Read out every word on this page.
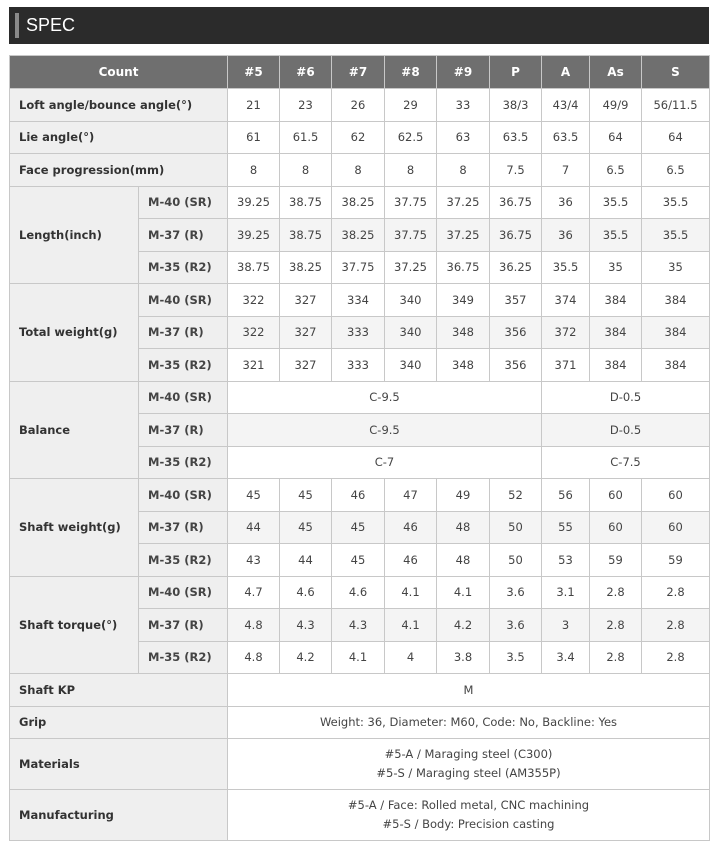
SPEC
Count		#5	#6	#7	#8	#9	P	A	As	S
Loft angle/bounce angle(°)		21	23	26	29	33	38/3	43/4	49/9	56/11.5
Lie angle(°)		61	61.5	62	62.5	63	63.5	63.5	64	64
Face progression(mm)		8	8	8	8	8	7.5	7	6.5	6.5
Length(inch)	M-40 (SR)	39.25	38.75	38.25	37.75	37.25	36.75	36	35.5	35.5
	M-37 (R)	39.25	38.75	38.25	37.75	37.25	36.75	36	35.5	35.5
	M-35 (R2)	38.75	38.25	37.75	37.25	36.75	36.25	35.5	35	35
Total weight(g)	M-40 (SR)	322	327	334	340	349	357	374	384	384
	M-37 (R)	322	327	333	340	348	356	372	384	384
	M-35 (R2)	321	327	333	340	348	356	371	384	384
Balance	M-40 (SR)	C-9.5						D-0.5		
	M-37 (R)	C-9.5						D-0.5		
	M-35 (R2)	C-7						C-7.5		
Shaft weight(g)	M-40 (SR)	45	45	46	47	49	52	56	60	60
	M-37 (R)	44	45	45	46	48	50	55	60	60
	M-35 (R2)	43	44	45	46	48	50	53	59	59
Shaft torque(°)	M-40 (SR)	4.7	4.6	4.6	4.1	4.1	3.6	3.1	2.8	2.8
	M-37 (R)	4.8	4.3	4.3	4.1	4.2	3.6	3	2.8	2.8
	M-35 (R2)	4.8	4.2	4.1	4	3.8	3.5	3.4	2.8	2.8
Shaft KP		M								
Grip		Weight: 36, Diameter: M60, Code: No, Backline: Yes								
Materials		#5-A / Maraging steel (C300)
#5-S / Maraging steel (AM355P)								

Manufacturing		#5-A / Face: Rolled metal, CNC machining
#5-S / Body: Precision casting								
